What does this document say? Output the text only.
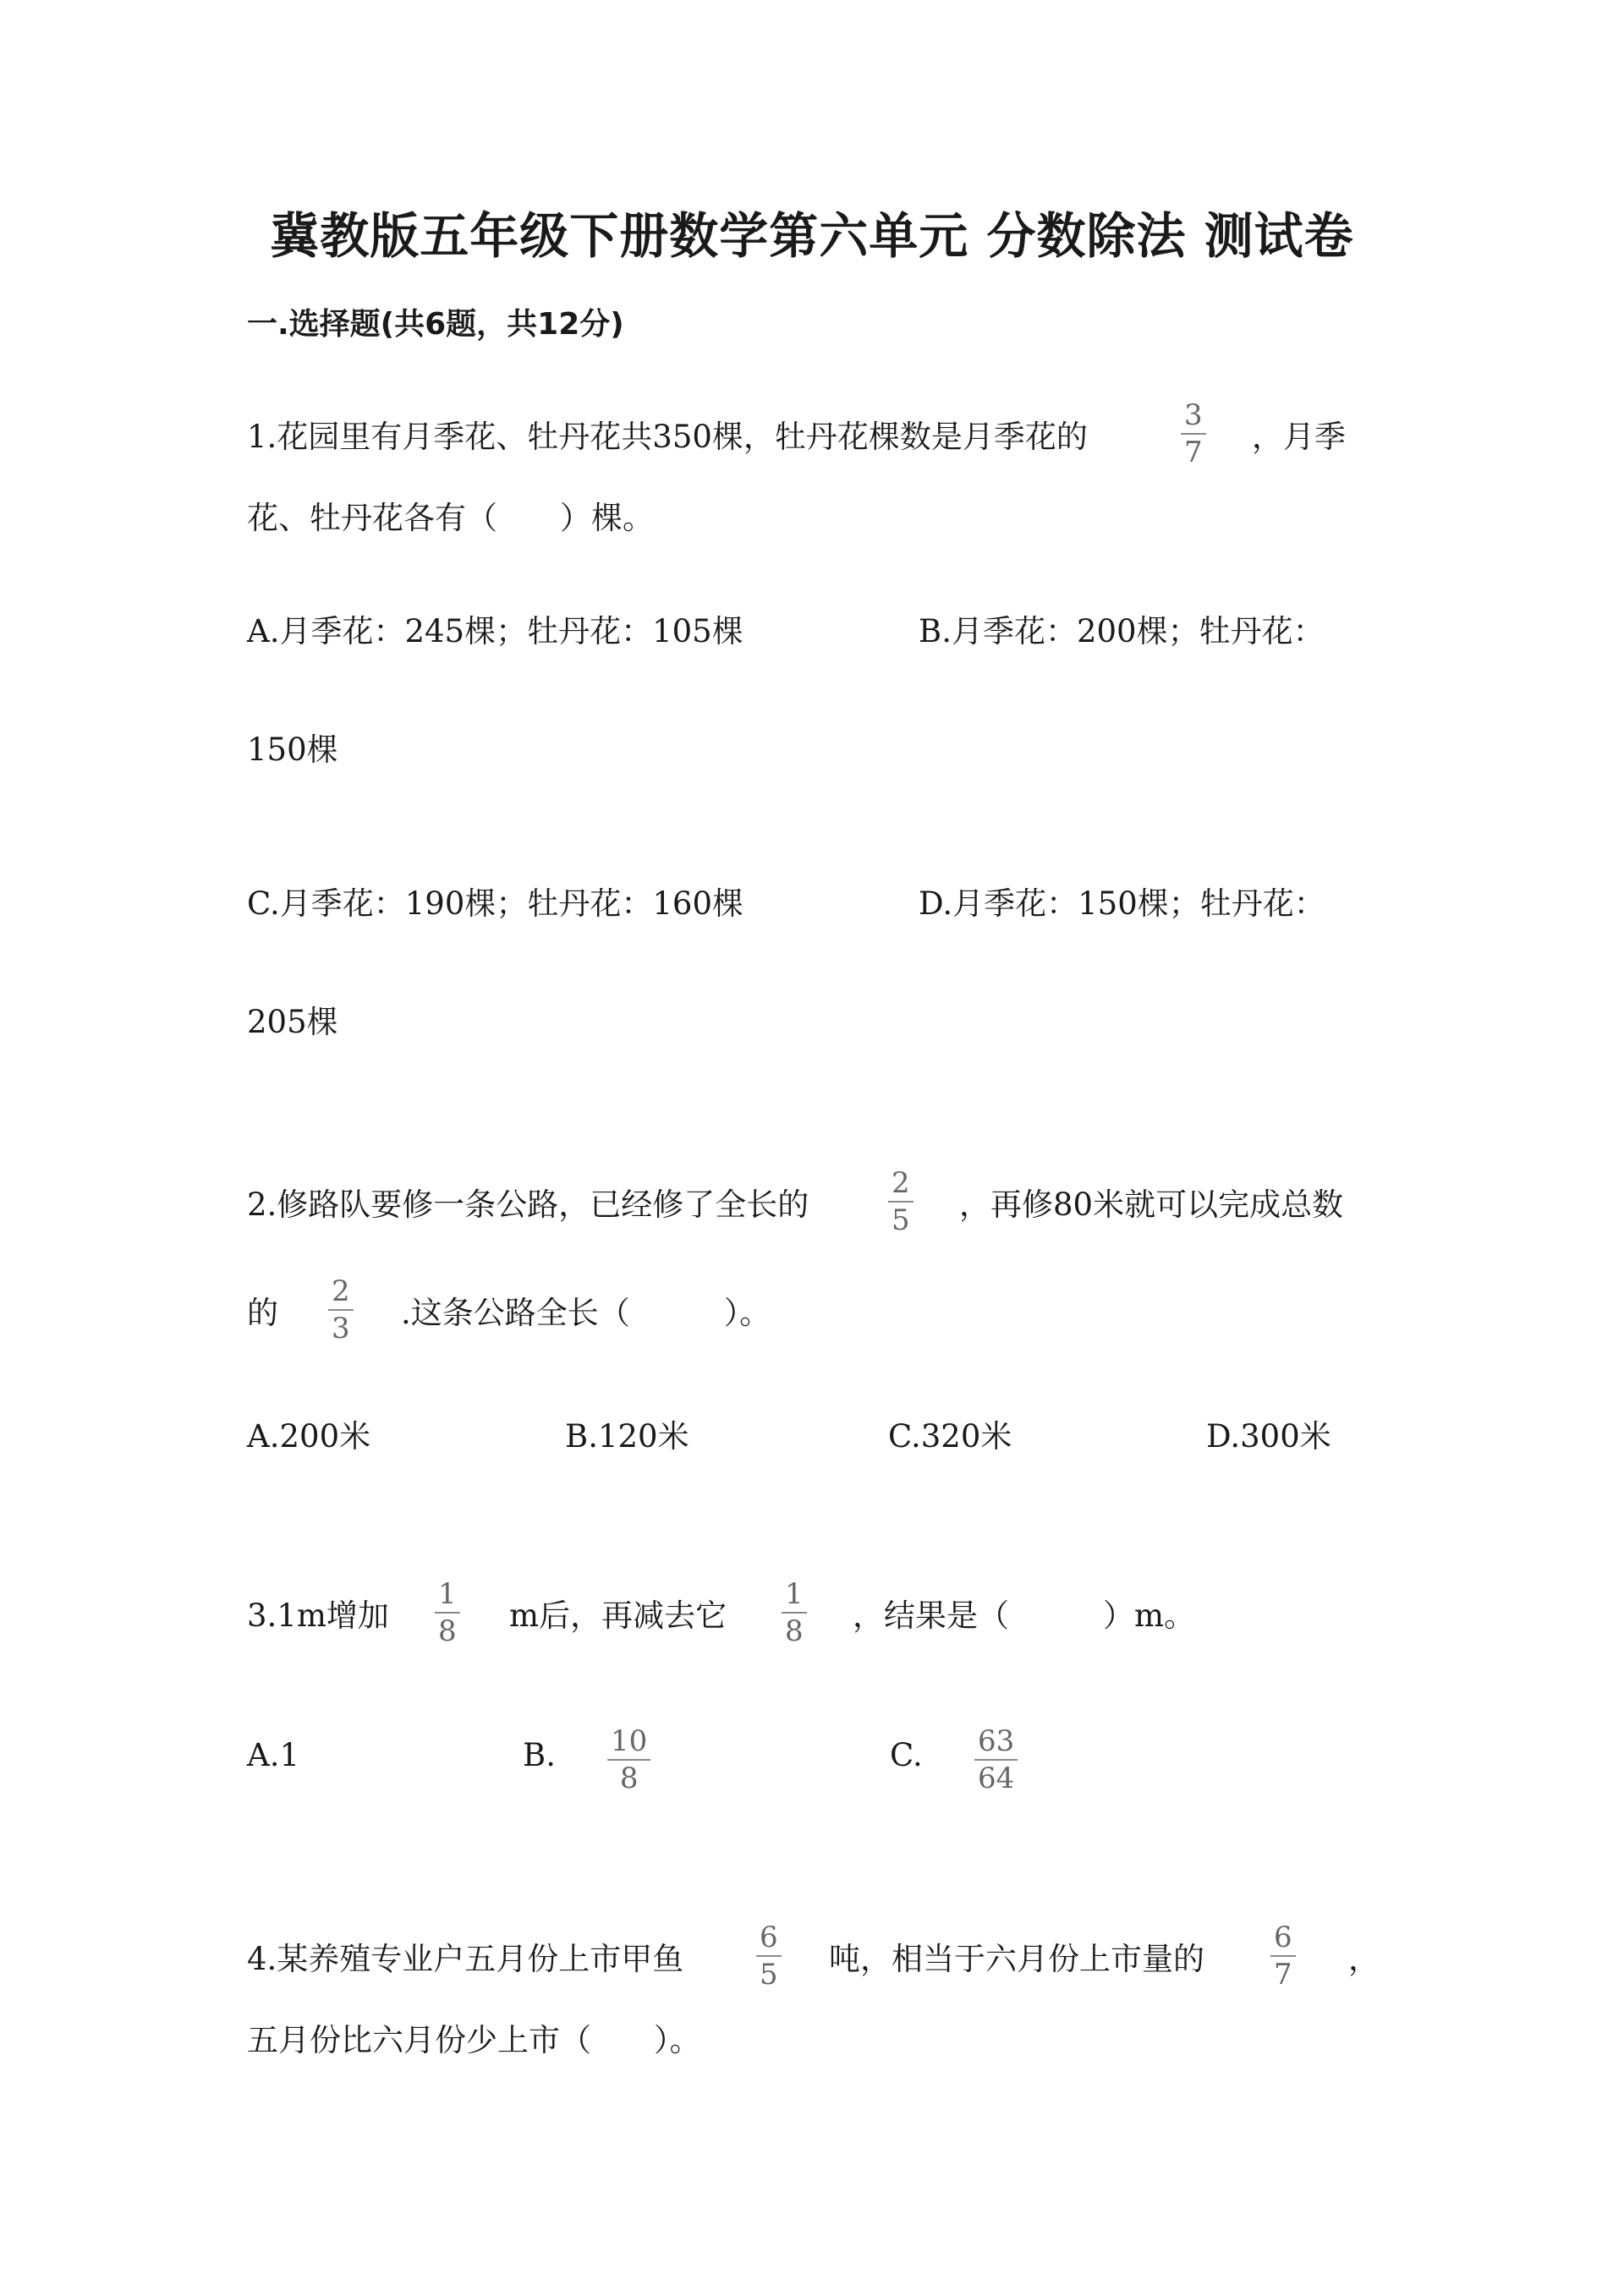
冀教版五年级下册数学第六单元 分数除法 测试卷
一.选择题(共6题，共12分)
1.花园里有月季花、牡丹花共350棵，牡丹花棵数是月季花的
3
7 ，月季
花、牡丹花各有（　　）棵。
A.月季花：245棵；牡丹花：105棵	B.月季花：200棵；牡丹花：
150棵
C.月季花：190棵；牡丹花：160棵	D.月季花：150棵；牡丹花：
205棵
2.修路队要修一条公路，已经修了全长的
2
5 ，再修80米就可以完成总数
的
2
3 .这条公路全长（　　　）。
A.200米	B.120米	C.320米	D.300米
3.1m增加
1
8 m后，再减去它
1
8 ，结果是（　　　）m。
A.1	B. 10
8
C. 63
64
4.某养殖专业户五月份上市甲鱼
6
5 吨，相当于六月份上市量的
6
7 ，
五月份比六月份少上市（　　）。
